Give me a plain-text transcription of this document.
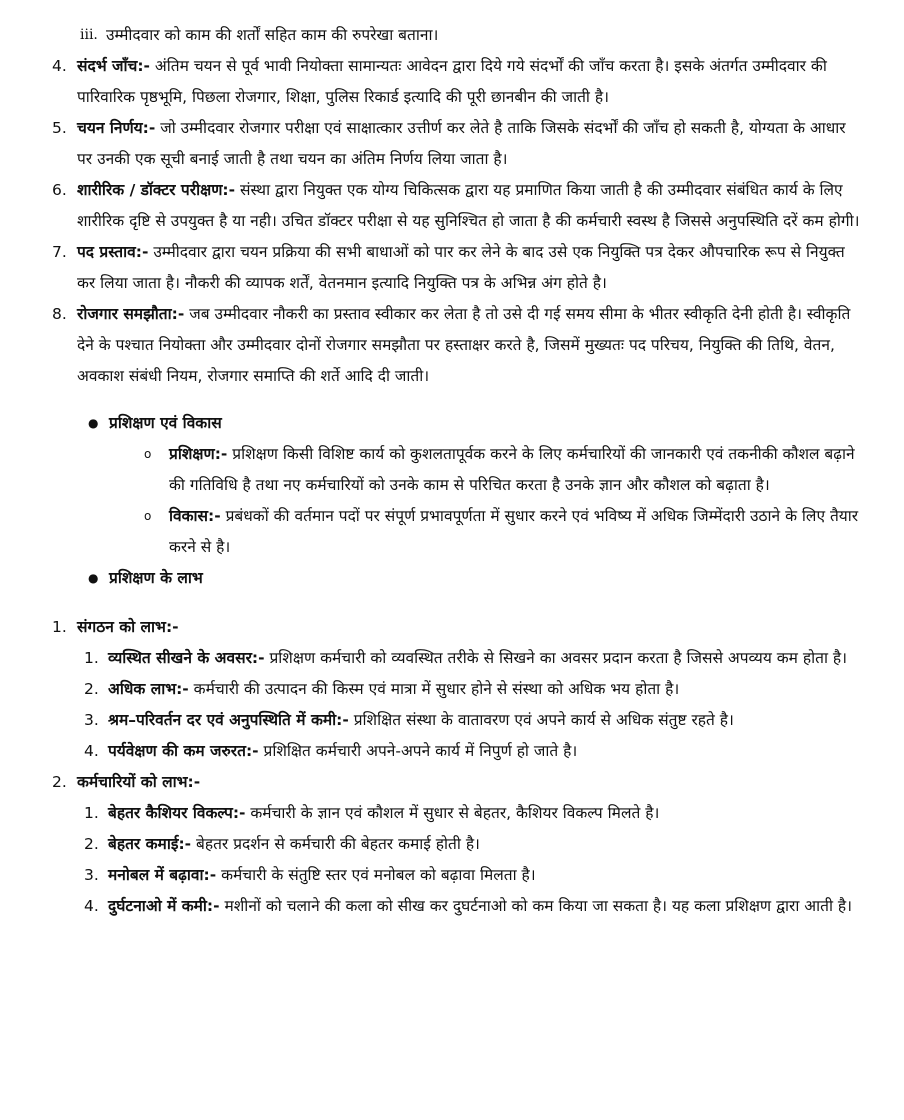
iii. उम्मीदवार को काम की शर्तों सहित काम की रुपरेखा बताना।
4. संदर्भ जाँच:- अंतिम चयन से पूर्व भावी नियोक्ता सामान्यतः आवेदन द्वारा दिये गये संदर्भों की जाँच करता है। इसके अंतर्गत उम्मीदवार की पारिवारिक पृष्ठभूमि, पिछला रोजगार, शिक्षा, पुलिस रिकार्ड इत्यादि की पूरी छानबीन की जाती है।
5. चयन निर्णय:- जो उम्मीदवार रोजगार परीक्षा एवं साक्षात्कार उत्तीर्ण कर लेते है ताकि जिसके संदर्भों की जाँच हो सकती है, योग्यता के आधार पर उनकी एक सूची बनाई जाती है तथा चयन का अंतिम निर्णय लिया जाता है।
6. शारीरिक / डॉक्टर परीक्षण:- संस्था द्वारा नियुक्त एक योग्य चिकित्सक द्वारा यह प्रमाणित किया जाती है की उम्मीदवार संबंधित कार्य के लिए शारीरिक दृष्टि से उपयुक्त है या नही। उचित डॉक्टर परीक्षा से यह सुनिश्चित हो जाता है की कर्मचारी स्वस्थ है जिससे अनुपस्थिति दरें कम होगी।
7. पद प्रस्ताव:- उम्मीदवार द्वारा चयन प्रक्रिया की सभी बाधाओं को पार कर लेने के बाद उसे एक नियुक्ति पत्र देकर औपचारिक रूप से नियुक्त कर लिया जाता है। नौकरी की व्यापक शर्तें, वेतनमान इत्यादि नियुक्ति पत्र के अभिन्न अंग होते है।
8. रोजगार समझौता:- जब उम्मीदवार नौकरी का प्रस्ताव स्वीकार कर लेता है तो उसे दी गई समय सीमा के भीतर स्वीकृति देनी होती है। स्वीकृति देने के पश्चात नियोक्ता और उम्मीदवार दोनों रोजगार समझौता पर हस्ताक्षर करते है, जिसमें मुख्यतः पद परिचय, नियुक्ति की तिथि, वेतन, अवकाश संबंधी नियम, रोजगार समाप्ति की शर्ते आदि दी जाती।
● प्रशिक्षण एवं विकास
o	प्रशिक्षण:- प्रशिक्षण किसी विशिष्ट कार्य को कुशलतापूर्वक करने के लिए कर्मचारियों की जानकारी एवं तकनीकी कौशल बढ़ाने की गतिविधि है तथा नए कर्मचारियों को उनके काम से परिचित करता है उनके ज्ञान और कौशल को बढ़ाता है।
o	विकास:- प्रबंधकों की वर्तमान पदों पर संपूर्ण प्रभावपूर्णता में सुधार करने एवं भविष्य में अधिक जिम्मेंदारी उठाने के लिए तैयार करने से है।
● प्रशिक्षण के लाभ
1. संगठन को लाभ:-
1. व्यस्थित सीखने के अवसर:- प्रशिक्षण कर्मचारी को व्यवस्थित तरीके से सिखने का अवसर प्रदान करता है जिससे अपव्यय कम होता है।
2. अधिक लाभ:- कर्मचारी की उत्पादन की किस्म एवं मात्रा में सुधार होने से संस्था को अधिक भय होता है।
3. श्रम–परिवर्तन दर एवं अनुपस्थिति में कमी:- प्रशिक्षित संस्था के वातावरण एवं अपने कार्य से अधिक संतुष्ट रहते है।
4. पर्यवेक्षण की कम जरुरत:- प्रशिक्षित कर्मचारी अपने-अपने कार्य में निपुर्ण हो जाते है।
2. कर्मचारियों को लाभ:-
1. बेहतर कैशियर विकल्प:- कर्मचारी के ज्ञान एवं कौशल में सुधार से बेहतर, कैशियर विकल्प मिलते है।
2. बेहतर कमाई:- बेहतर प्रदर्शन से कर्मचारी की बेहतर कमाई होती है।
3. मनोबल में बढ़ावा:- कर्मचारी के संतुष्टि स्तर एवं मनोबल को बढ़ावा मिलता है।
4. दुर्घटनाओ में कमी:- मशीनों को चलाने की कला को सीख कर दुघर्टनाओ को कम किया जा सकता है। यह कला प्रशिक्षण द्वारा आती है।
